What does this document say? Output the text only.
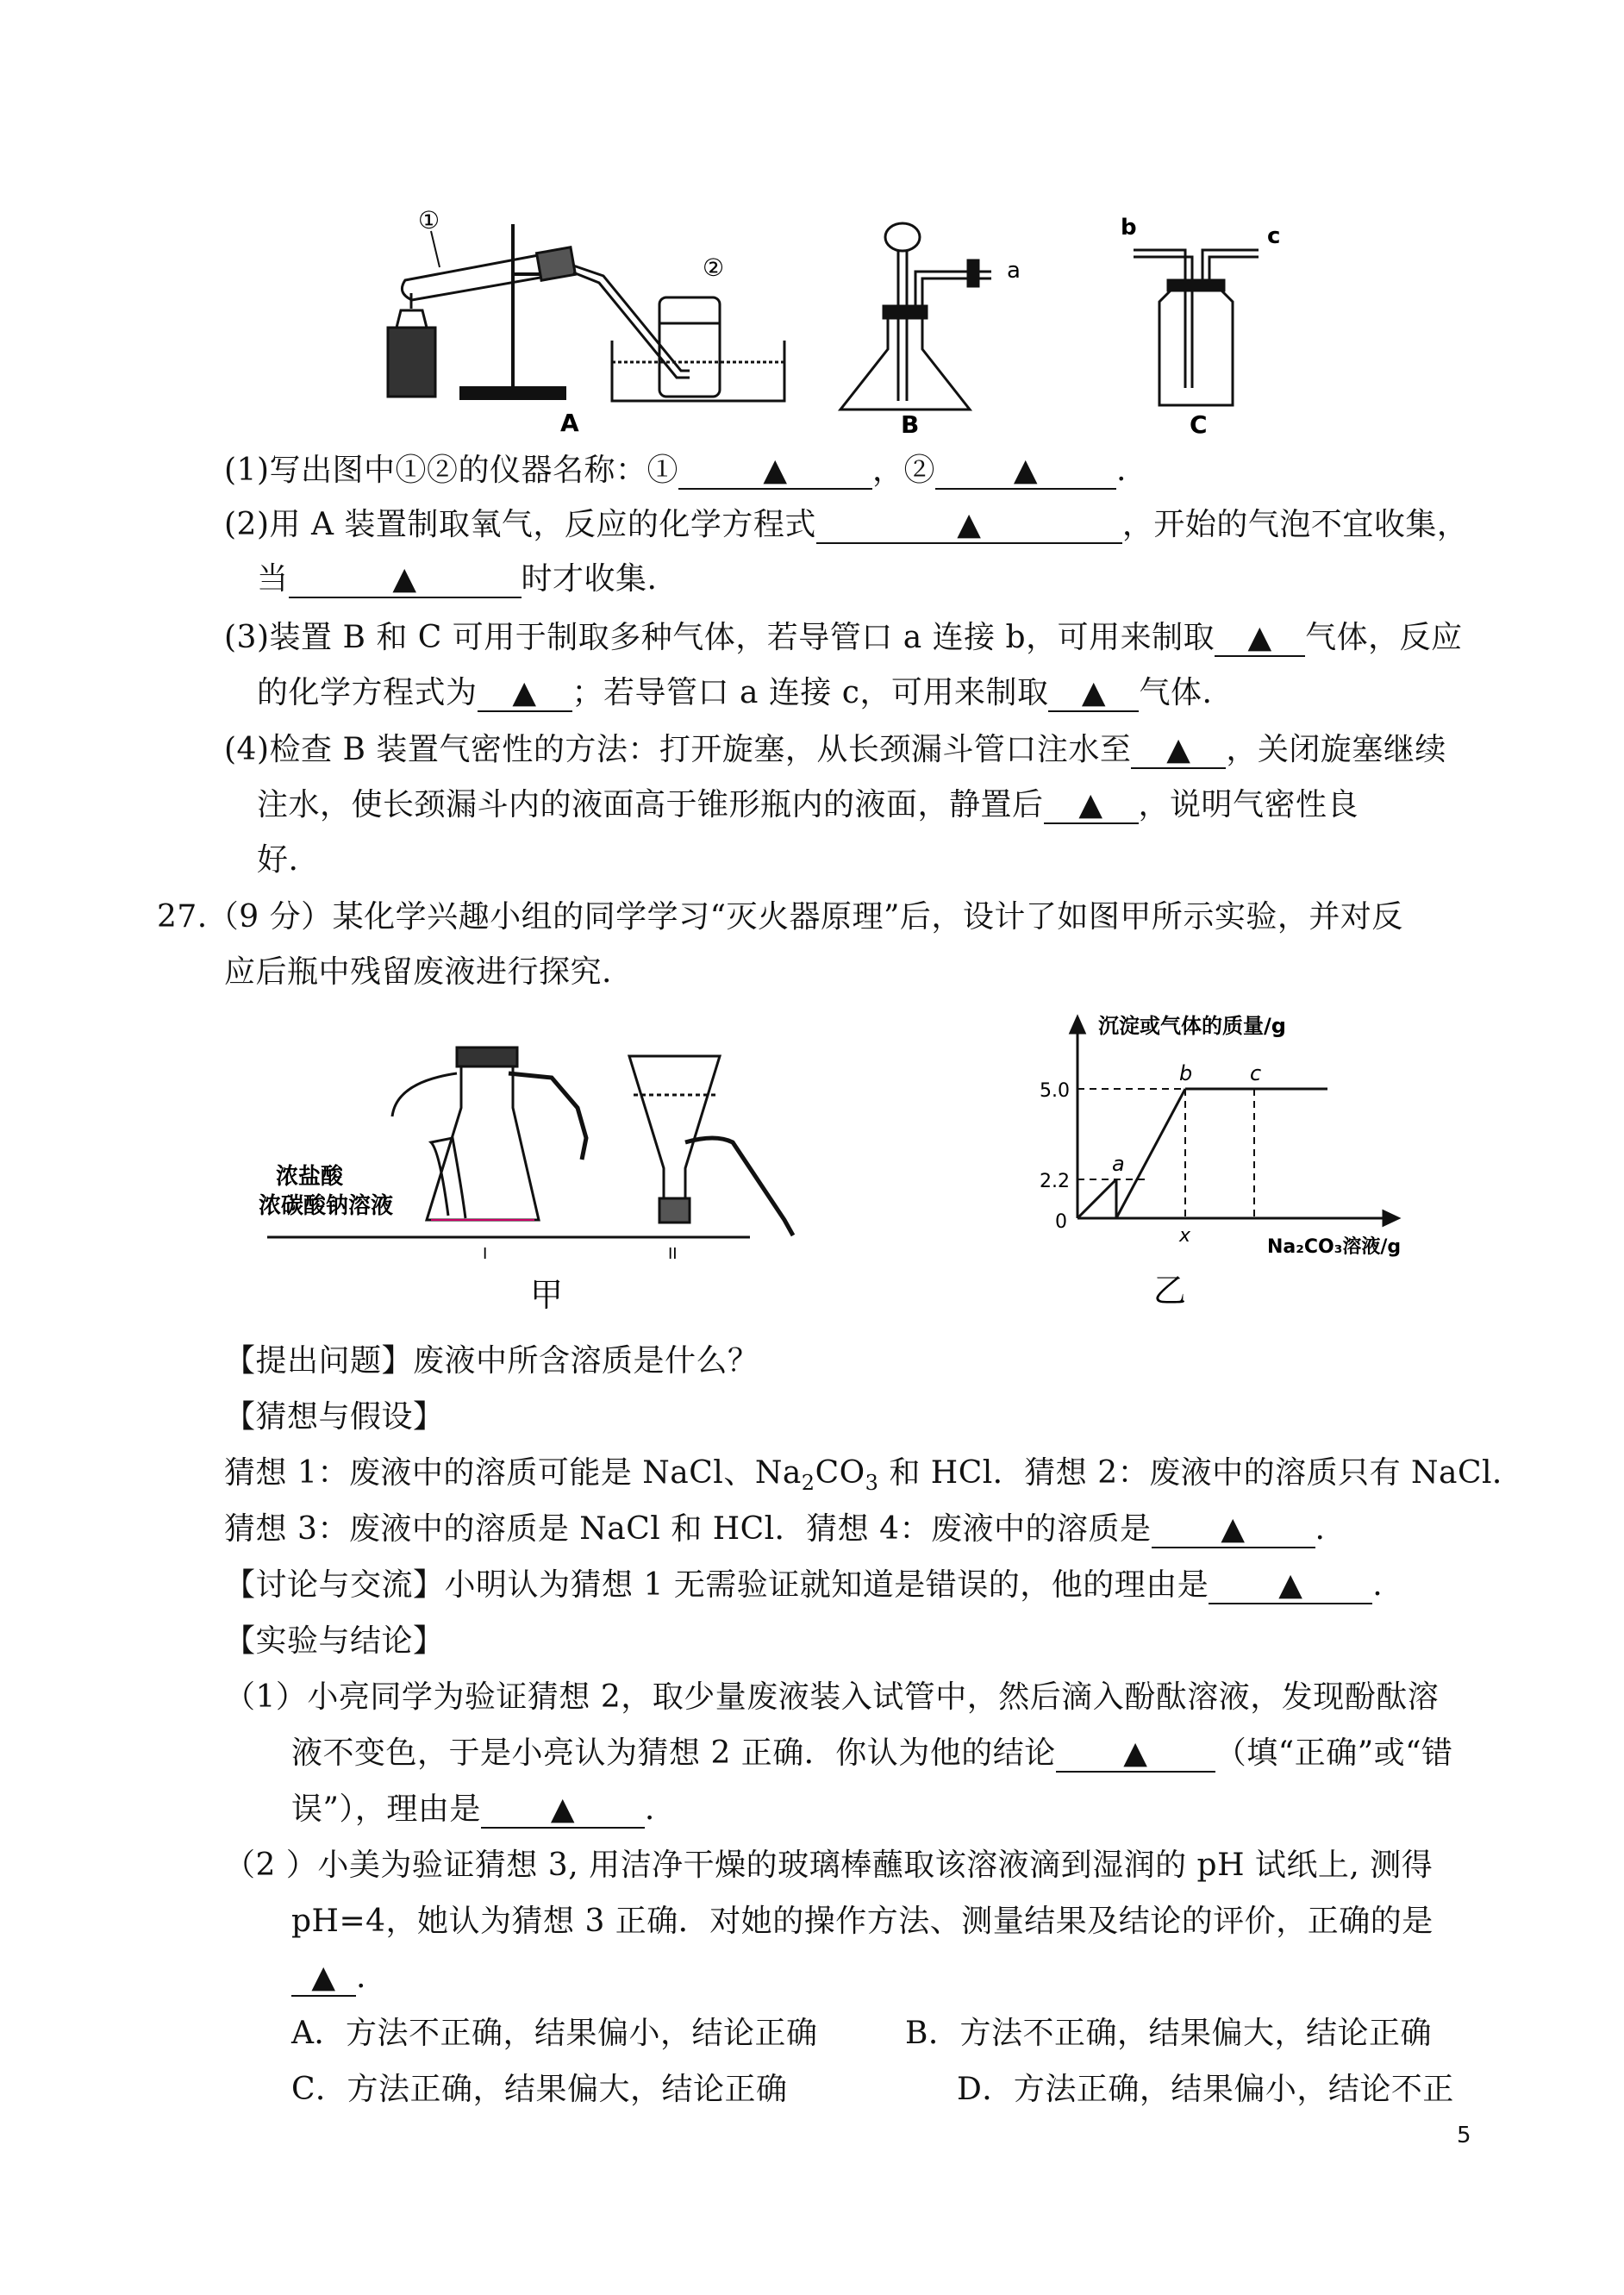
①
②
A
a
B
b	c
C
(1)写出图中①②的仪器名称：①	▲	，②	▲	.
(2)用 A 装置制取氧气，反应的化学方程式	▲	，开始的气泡不宜收集，
当	▲	时才收集.
(3)装置 B 和 C 可用于制取多种气体，若导管口 a 连接 b，可用来制取 ▲ 气体，反应
的化学方程式为 ▲ ；若导管口 a 连接 c，可用来制取 ▲ 气体.
(4)检查 B 装置气密性的方法：打开旋塞，从长颈漏斗管口注水至 ▲ ，关闭旋塞继续
注水，使长颈漏斗内的液面高于锥形瓶内的液面，静置后 ▲ ，说明气密性良
好.
27.（9 分）某化学兴趣小组的同学学习“灭火器原理”后，设计了如图甲所示实验，并对反
应后瓶中残留废液进行探究.
浓盐酸
浓碳酸钠溶液
I	II
甲
沉淀或气体的质量/g
5.0
2.2
0
a
b	c
x
Na₂CO₃溶液/g
乙
【提出问题】废液中所含溶质是什么？
【猜想与假设】
猜想 1：废液中的溶质可能是 NaCl、$Na_2CO_3$ 和 HCl．猜想 2：废液中的溶质只有 NaCl．
猜想 3：废液中的溶质是 NaCl 和 HCl．猜想 4：废液中的溶质是 ▲ .
【讨论与交流】小明认为猜想 1 无需验证就知道是错误的，他的理由是 ▲ .
【实验与结论】
（1）小亮同学为验证猜想 2，取少量废液装入试管中，然后滴入酚酞溶液，发现酚酞溶
液不变色，于是小亮认为猜想 2 正确．你认为他的结论 ▲ （填“正确”或“错
误”），理由是 ▲ .
（2 ）小美为验证猜想 3, 用洁净干燥的玻璃棒蘸取该溶液滴到湿润的 pH 试纸上, 测得
pH=4，她认为猜想 3 正确．对她的操作方法、测量结果及结论的评价，正确的是
▲ .
A．方法不正确，结果偏小，结论正确	B．方法不正确，结果偏大，结论正确
C．方法正确，结果偏大，结论正确	D．方法正确，结果偏小，结论不正
5
